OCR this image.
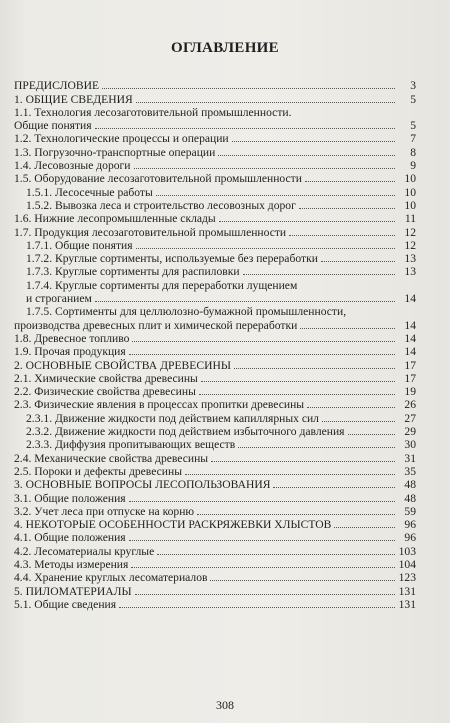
ОГЛАВЛЕНИЕ
ПРЕДИСЛОВИЕ	3
1. ОБЩИЕ СВЕДЕНИЯ	5
1.1. Технология лесозаготовительной промышленности.
Общие понятия	5
1.2. Технологические процессы и операции	7
1.3. Погрузочно-транспортные операции	8
1.4. Лесовозные дороги	9
1.5. Оборудование лесозаготовительной промышленности	10
1.5.1. Лесосечные работы	10
1.5.2. Вывозка леса и строительство лесовозных дорог	10
1.6. Нижние лесопромышленные склады	11
1.7. Продукция лесозаготовительной промышленности	12
1.7.1. Общие понятия	12
1.7.2. Круглые сортименты, используемые без переработки	13
1.7.3. Круглые сортименты для распиловки	13
1.7.4. Круглые сортименты для переработки лущением
и строганием	14
1.7.5. Сортименты для целлюлозно-бумажной промышленности,
производства древесных плит и химической переработки	14
1.8. Древесное топливо	14
1.9. Прочая продукция	14
2. ОСНОВНЫЕ СВОЙСТВА ДРЕВЕСИНЫ	17
2.1. Химические свойства древесины	17
2.2. Физические свойства древесины	19
2.3. Физические явления в процессах пропитки древесины	26
2.3.1. Движение жидкости под действием капиллярных сил	27
2.3.2. Движение жидкости под действием избыточного давления	29
2.3.3. Диффузия пропитывающих веществ	30
2.4. Механические свойства древесины	31
2.5. Пороки и дефекты древесины	35
3. ОСНОВНЫЕ ВОПРОСЫ ЛЕСОПОЛЬЗОВАНИЯ	48
3.1. Общие положения	48
3.2. Учет леса при отпуске на корню	59
4. НЕКОТОРЫЕ ОСОБЕННОСТИ РАСКРЯЖЕВКИ ХЛЫСТОВ	96
4.1. Общие положения	96
4.2. Лесоматериалы круглые	103
4.3. Методы измерения	104
4.4. Хранение круглых лесоматериалов	123
5. ПИЛОМАТЕРИАЛЫ	131
5.1. Общие сведения	131
308
